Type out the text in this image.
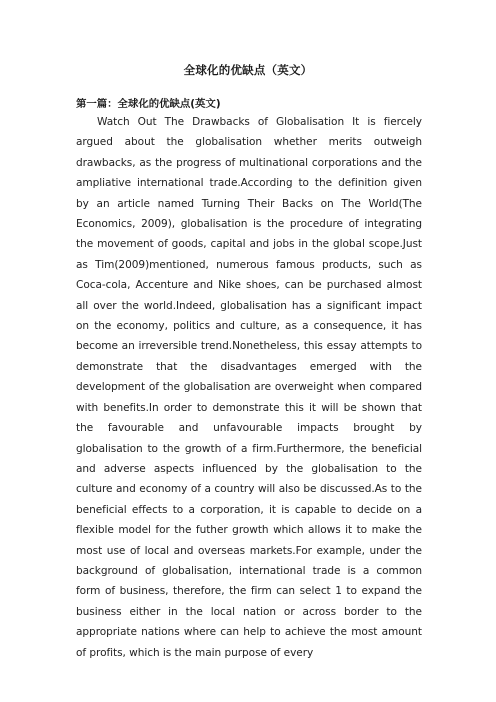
全球化的优缺点（英文）
第一篇：全球化的优缺点(英文)

Watch Out The Drawbacks of Globalisation It is fiercely argued about the globalisation whether merits outweigh drawbacks, as the progress of multinational corporations and the ampliative international trade.According to the definition given by an article named Turning Their Backs on The World(The Economics, 2009), globalisation is the procedure of integrating the movement of goods, capital and jobs in the global scope.Just as Tim(2009)mentioned, numerous famous products, such as Coca-cola, Accenture and Nike shoes, can be purchased almost all over the world.Indeed, globalisation has a significant impact on the economy, politics and culture, as a consequence, it has become an irreversible trend.Nonetheless, this essay attempts to demonstrate that the disadvantages emerged with the development of the globalisation are overweight when compared with benefits.In order to demonstrate this it will be shown that the favourable and unfavourable impacts brought by globalisation to the growth of a firm.Furthermore, the beneficial and adverse aspects influenced by the globalisation to the culture and economy of a country will also be discussed.As to the beneficial effects to a corporation, it is capable to decide on a flexible model for the futher growth which allows it to make the most use of local and overseas markets.For example, under the background of globalisation, international trade is a common form of business, therefore, the firm can select 1 to expand the business either in the local nation or across border to the appropriate nations where can help to achieve the most amount of profits, which is the main purpose of every
